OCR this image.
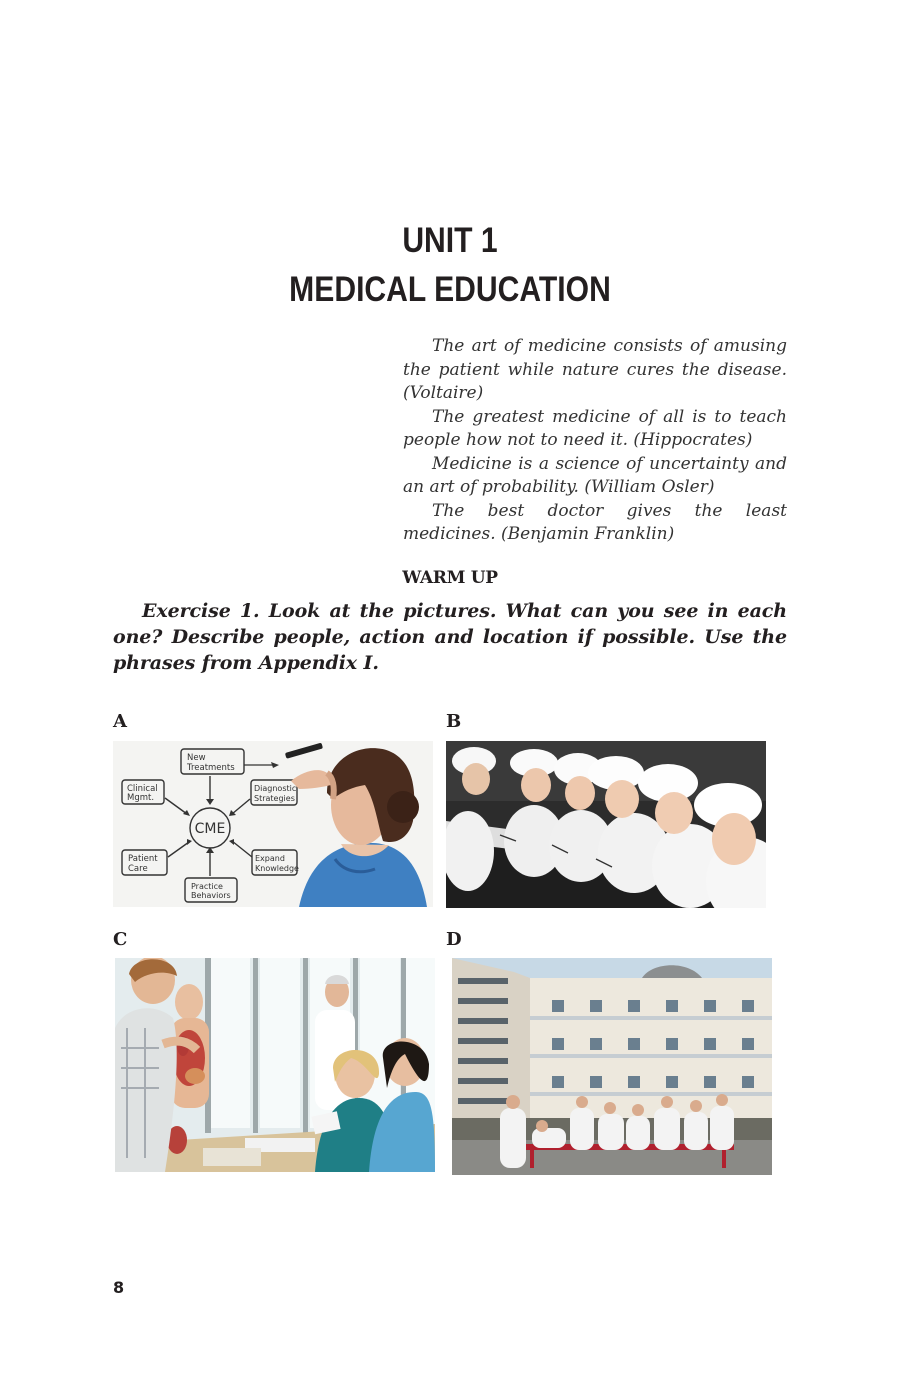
UNIT 1
MEDICAL EDUCATION

The art of medicine consists of amusing the patient while nature cures the disease. (Voltaire)

The greatest medicine of all is to teach people how not to need it. (Hippocrates)

Medicine is a science of uncertainty and an art of probability. (William Osler)

The best doctor gives the least medicines. (Benjamin Franklin)

WARM UP
Exercise 1. Look at the pictures. What can you see in each one? Describe people, action and location if possible. Use the phrases from Appendix I.
A
CME
New
Treatments
Clinical
Mgmt.
Diagnostic
Strategies
Patient
Care
Expand
Knowledge
Practice
Behaviors
B
C	D
8
